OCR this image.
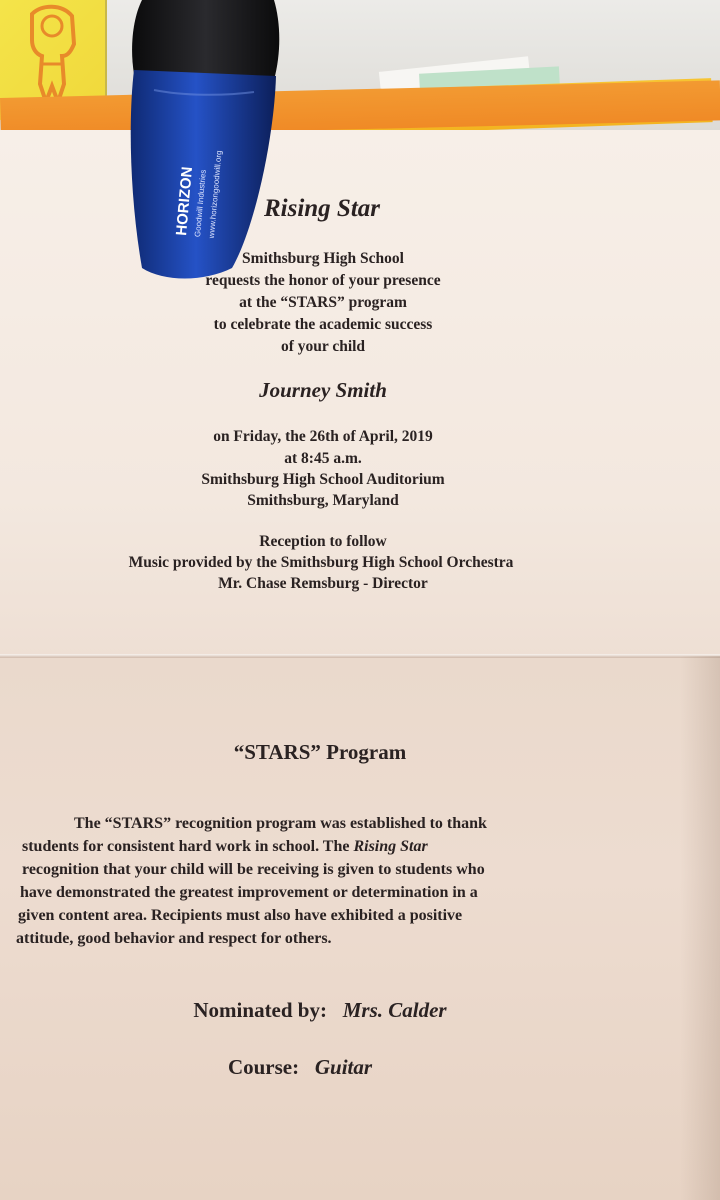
HORIZON
Goodwill Industries www.horizongoodwill.org	Rising Star
Smithsburg High School
requests the honor of your presence
at the “STARS” program
to celebrate the academic success
of your child
Journey Smith
on Friday, the 26th of April, 2019
at 8:45 a.m.
Smithsburg High School Auditorium
Smithsburg, Maryland
Reception to follow
Music provided by the Smithsburg High School Orchestra
Mr. Chase Remsburg - Director
“STARS” Program
The “STARS” recognition program was established to thank
students for consistent hard work in school. The Rising Star
recognition that your child will be receiving is given to students who
have demonstrated the greatest improvement or determination in a
given content area. Recipients must also have exhibited a positive
attitude, good behavior and respect for others.
Nominated by: Mrs. Calder
Course: Guitar
